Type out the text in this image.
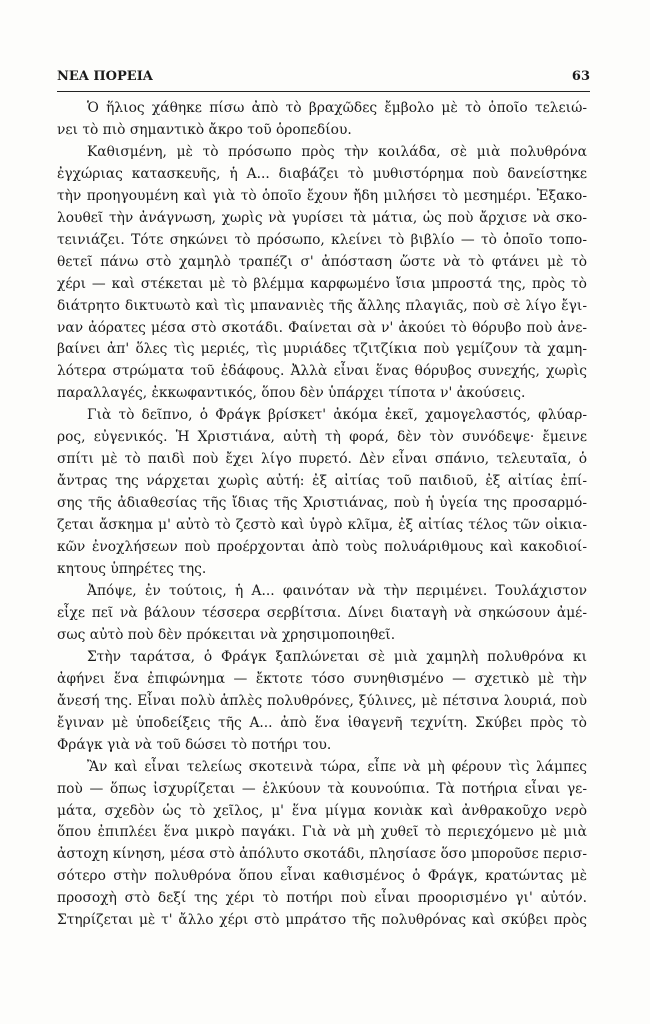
ΝΕΑ ΠΟΡΕΙΑ	63
Ὁ ἥλιος χάθηκε πίσω ἀπὸ τὸ βραχῶδες ἔμβολο μὲ τὸ ὁποῖο τελειώ-
νει τὸ πιὸ σημαντικὸ ἄκρο τοῦ ὁροπεδίου.
Καθισμένη, μὲ τὸ πρόσωπο πρὸς τὴν κοιλάδα, σὲ μιὰ πολυθρόνα
ἐγχώριας κατασκευῆς, ἡ Α... διαβάζει τὸ μυθιστόρημα ποὺ δανείστηκε
τὴν προηγουμένη καὶ γιὰ τὸ ὁποῖο ἔχουν ἤδη μιλήσει τὸ μεσημέρι. Ἐξακο-
λουθεῖ τὴν ἀνάγνωση, χωρὶς νὰ γυρίσει τὰ μάτια, ὡς ποὺ ἄρχισε νὰ σκο-
τεινιάζει. Τότε σηκώνει τὸ πρόσωπο, κλείνει τὸ βιβλίο — τὸ ὁποῖο τοπο-
θετεῖ πάνω στὸ χαμηλὸ τραπέζι σ' ἀπόσταση ὥστε νὰ τὸ φτάνει μὲ τὸ
χέρι — καὶ στέκεται μὲ τὸ βλέμμα καρφωμένο ἴσια μπροστά της, πρὸς τὸ
διάτρητο δικτυωτὸ καὶ τὶς μπανανιὲς τῆς ἄλλης πλαγιᾶς, ποὺ σὲ λίγο ἔγι-
ναν ἀόρατες μέσα στὸ σκοτάδι. Φαίνεται σὰ ν' ἀκούει τὸ θόρυβο ποὺ ἀνε-
βαίνει ἀπ' ὅλες τὶς μεριές, τὶς μυριάδες τζιτζίκια ποὺ γεμίζουν τὰ χαμη-
λότερα στρώματα τοῦ ἐδάφους. Ἀλλὰ εἶναι ἕνας θόρυβος συνεχής, χωρὶς
παραλλαγές, ἐκκωφαντικός, ὅπου δὲν ὑπάρχει τίποτα ν' ἀκούσεις.
Γιὰ τὸ δεῖπνο, ὁ Φράγκ βρίσκετ' ἀκόμα ἐκεῖ, χαμογελαστός, φλύαρ-
ρος, εὐγενικός. Ἡ Χριστιάνα, αὐτὴ τὴ φορά, δὲν τὸν συνόδεψε· ἔμεινε
σπίτι μὲ τὸ παιδὶ ποὺ ἔχει λίγο πυρετό. Δὲν εἶναι σπάνιο, τελευταῖα, ὁ
ἄντρας της νάρχεται χωρὶς αὐτή: ἐξ αἰτίας τοῦ παιδιοῦ, ἐξ αἰτίας ἐπί-
σης τῆς ἀδιαθεσίας τῆς ἴδιας τῆς Χριστιάνας, ποὺ ἡ ὑγεία της προσαρμό-
ζεται ἄσκημα μ' αὐτὸ τὸ ζεστὸ καὶ ὑγρὸ κλῖμα, ἐξ αἰτίας τέλος τῶν οἰκια-
κῶν ἐνοχλήσεων ποὺ προέρχονται ἀπὸ τοὺς πολυάριθμους καὶ κακοδιοί-
κητους ὑπηρέτες της.
Ἀπόψε, ἐν τούτοις, ἡ Α... φαινόταν νὰ τὴν περιμένει. Τουλάχιστον
εἶχε πεῖ νὰ βάλουν τέσσερα σερβίτσια. Δίνει διαταγὴ νὰ σηκώσουν ἀμέ-
σως αὐτὸ ποὺ δὲν πρόκειται νὰ χρησιμοποιηθεῖ.
Στὴν ταράτσα, ὁ Φράγκ ξαπλώνεται σὲ μιὰ χαμηλὴ πολυθρόνα κι
ἀφήνει ἕνα ἐπιφώνημα — ἔκτοτε τόσο συνηθισμένο — σχετικὸ μὲ τὴν
ἄνεσή της. Εἶναι πολὺ ἁπλὲς πολυθρόνες, ξύλινες, μὲ πέτσινα λουριά, ποὺ
ἔγιναν μὲ ὑποδείξεις τῆς Α... ἀπὸ ἕνα ἰθαγενῆ τεχνίτη. Σκύβει πρὸς τὸ
Φράγκ γιὰ νὰ τοῦ δώσει τὸ ποτήρι του.
Ἂν καὶ εἶναι τελείως σκοτεινὰ τώρα, εἶπε νὰ μὴ φέρουν τὶς λάμπες
ποὺ — ὅπως ἰσχυρίζεται — ἑλκύουν τὰ κουνούπια. Τὰ ποτήρια εἶναι γε-
μάτα, σχεδὸν ὡς τὸ χεῖλος, μ' ἕνα μίγμα κονιὰκ καὶ ἀνθρακοῦχο νερὸ
ὅπου ἐπιπλέει ἕνα μικρὸ παγάκι. Γιὰ νὰ μὴ χυθεῖ τὸ περιεχόμενο μὲ μιὰ
ἀστοχη κίνηση, μέσα στὸ ἀπόλυτο σκοτάδι, πλησίασε ὅσο μποροῦσε περισ-
σότερο στὴν πολυθρόνα ὅπου εἶναι καθισμένος ὁ Φράγκ, κρατώντας μὲ
προσοχὴ στὸ δεξί της χέρι τὸ ποτήρι ποὺ εἶναι προορισμένο γι' αὐτόν.
Στηρίζεται μὲ τ' ἄλλο χέρι στὸ μπράτσο τῆς πολυθρόνας καὶ σκύβει πρὸς
